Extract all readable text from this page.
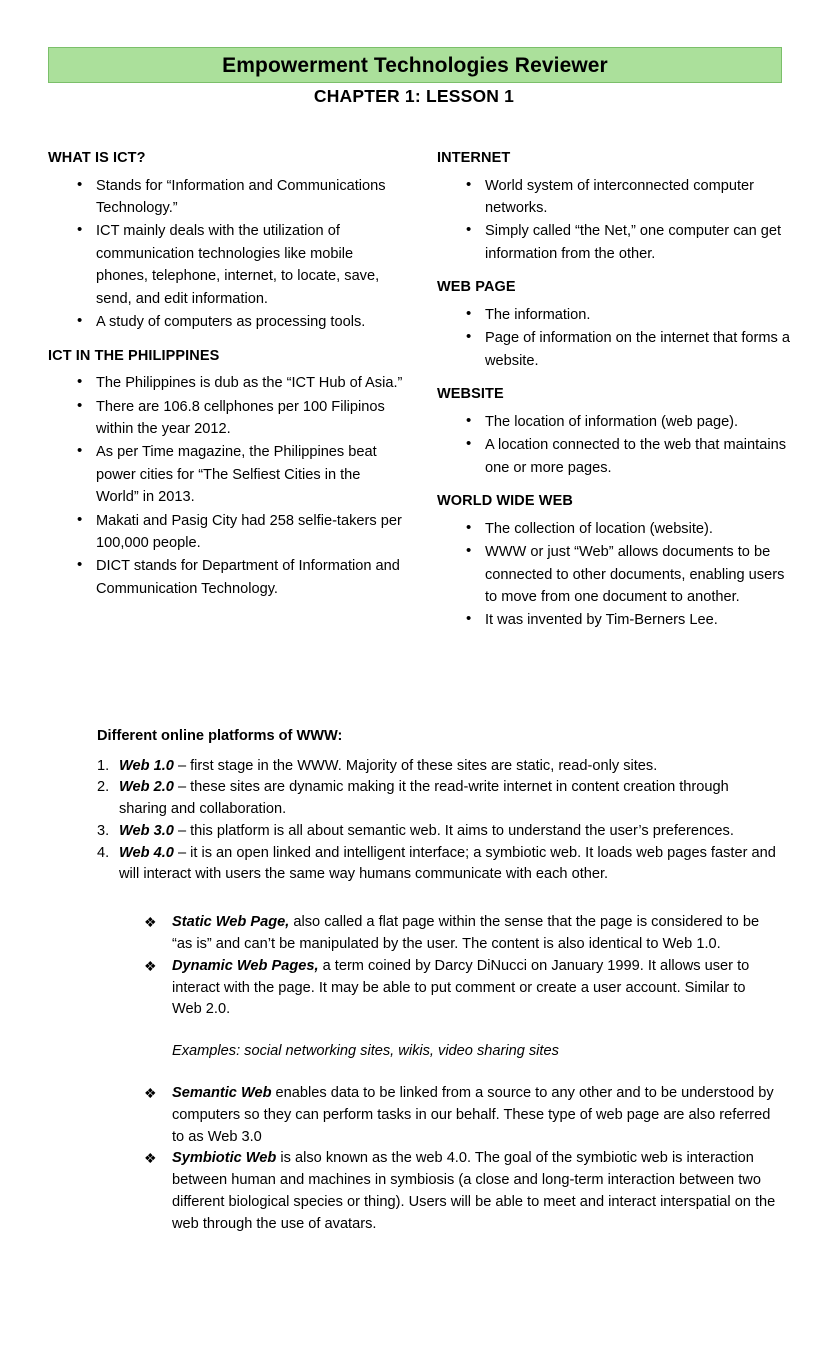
Empowerment Technologies Reviewer
CHAPTER 1: LESSON 1
WHAT IS ICT?
• Stands for “Information and Communications Technology.”
• ICT mainly deals with the utilization of communication technologies like mobile phones, telephone, internet, to locate, save, send, and edit information.
• A study of computers as processing tools.
ICT IN THE PHILIPPINES
• The Philippines is dub as the “ICT Hub of Asia.”
• There are 106.8 cellphones per 100 Filipinos within the year 2012.
• As per Time magazine, the Philippines beat power cities for “The Selfiest Cities in the World” in 2013.
• Makati and Pasig City had 258 selfie-takers per 100,000 people.
• DICT stands for Department of Information and Communication Technology.
INTERNET
• World system of interconnected computer networks.
• Simply called “the Net,” one computer can get information from the other.
WEB PAGE
• The information.
• Page of information on the internet that forms a website.
WEBSITE
• The location of information (web page).
• A location connected to the web that maintains one or more pages.
WORLD WIDE WEB
• The collection of location (website).
• WWW or just “Web” allows documents to be connected to other documents, enabling users to move from one document to another.
• It was invented by Tim-Berners Lee.
Different online platforms of WWW:
Web 1.0 – first stage in the WWW. Majority of these sites are static, read-only sites.
Web 2.0 – these sites are dynamic making it the read-write internet in content creation through sharing and collaboration.
Web 3.0 – this platform is all about semantic web. It aims to understand the user’s preferences.
Web 4.0 – it is an open linked and intelligent interface; a symbiotic web. It loads web pages faster and will interact with users the same way humans communicate with each other.
❖ Static Web Page, also called a flat page within the sense that the page is considered to be “as is” and can’t be manipulated by the user. The content is also identical to Web 1.0.
❖ Dynamic Web Pages, a term coined by Darcy DiNucci on January 1999. It allows user to interact with the page. It may be able to put comment or create a user account. Similar to Web 2.0.
Examples: social networking sites, wikis, video sharing sites
❖ Semantic Web enables data to be linked from a source to any other and to be understood by computers so they can perform tasks in our behalf. These type of web page are also referred to as Web 3.0
❖ Symbiotic Web is also known as the web 4.0. The goal of the symbiotic web is interaction between human and machines in symbiosis (a close and long-term interaction between two different biological species or thing). Users will be able to meet and interact interspatial on the web through the use of avatars.
